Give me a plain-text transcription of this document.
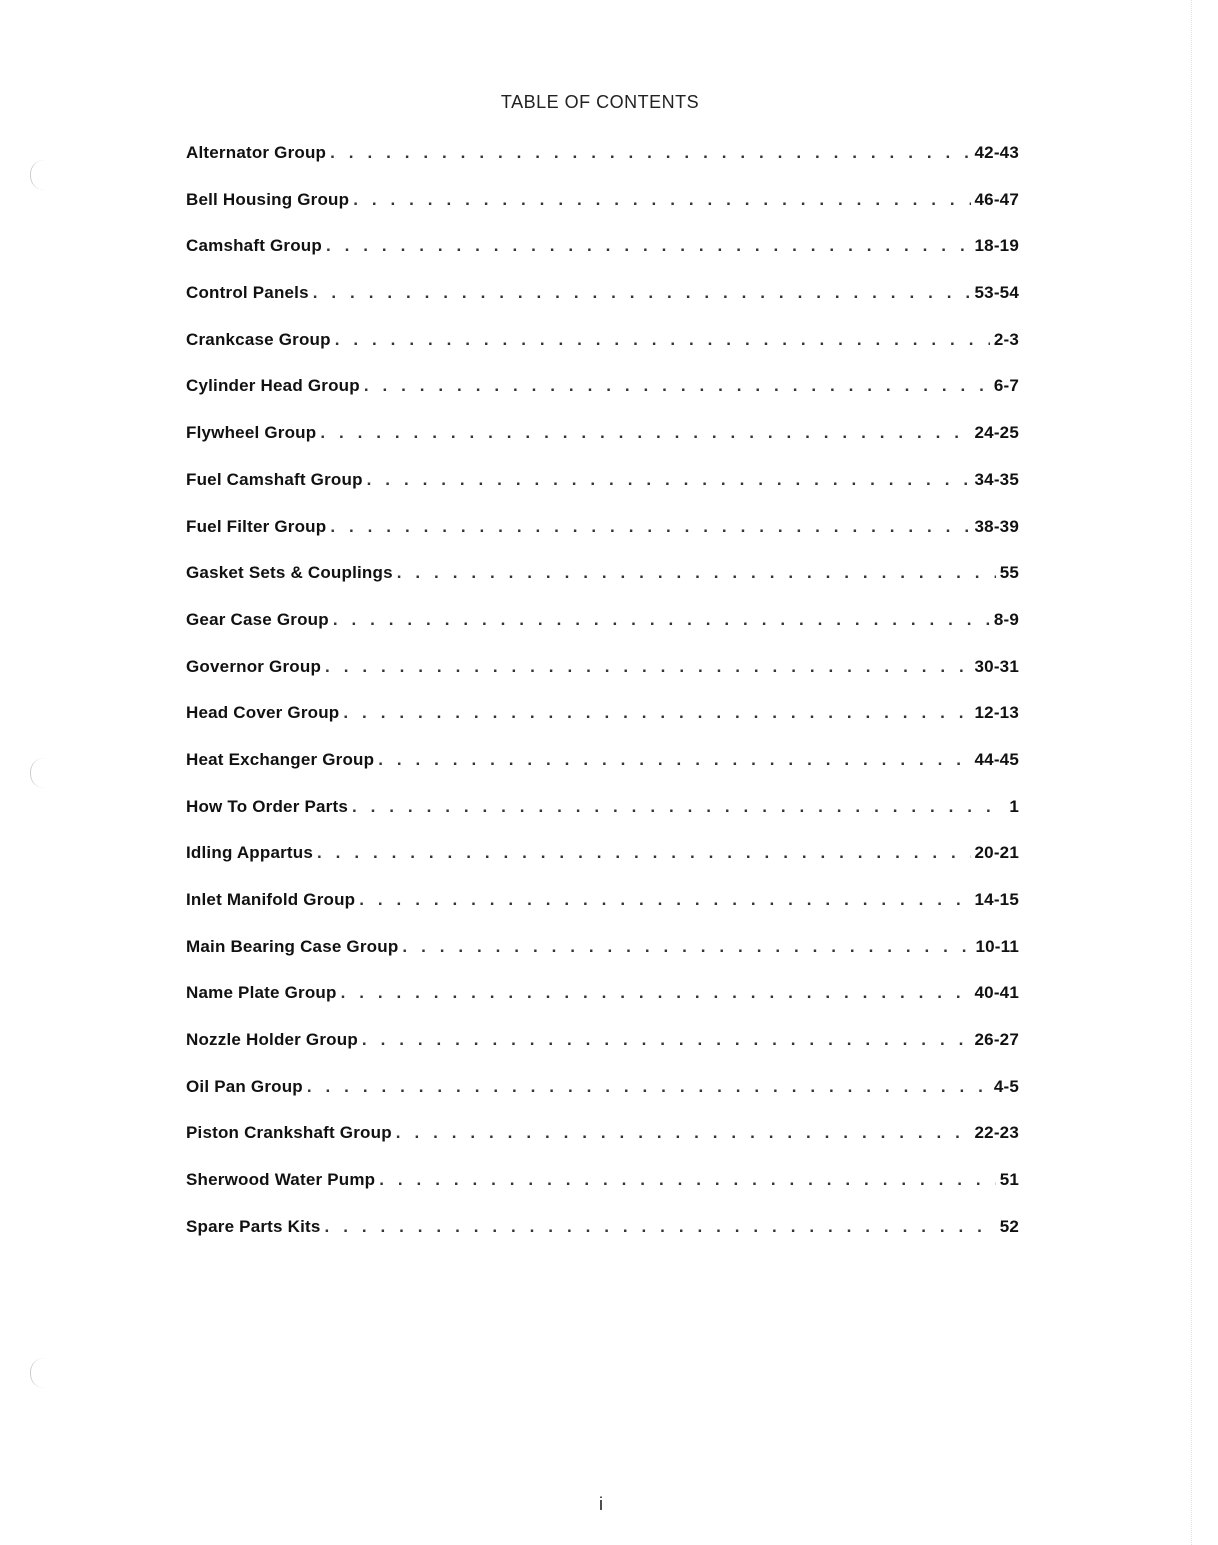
TABLE OF CONTENTS
Alternator Group . . .	42-43
Bell Housing Group . . .	46-47
Camshaft Group . . .	18-19
Control Panels . . .	53-54
Crankcase Group . . .	2-3
Cylinder Head Group . . .	6-7
Flywheel Group . . .	24-25
Fuel Camshaft Group . . .	34-35
Fuel Filter Group . . .	38-39
Gasket Sets & Couplings . . .	55
Gear Case Group . . .	8-9
Governor Group . . .	30-31
Head Cover Group . . .	12-13
Heat Exchanger Group . . .	44-45
How To Order Parts . . .	1
Idling Appartus . . .	20-21
Inlet Manifold Group . . .	14-15
Main Bearing Case Group . . .	10-11
Name Plate Group . . .	40-41
Nozzle Holder Group . . .	26-27
Oil Pan Group . . .	4-5
Piston Crankshaft Group . . .	22-23
Sherwood Water Pump . . .	51
Spare Parts Kits . . .	52
i
